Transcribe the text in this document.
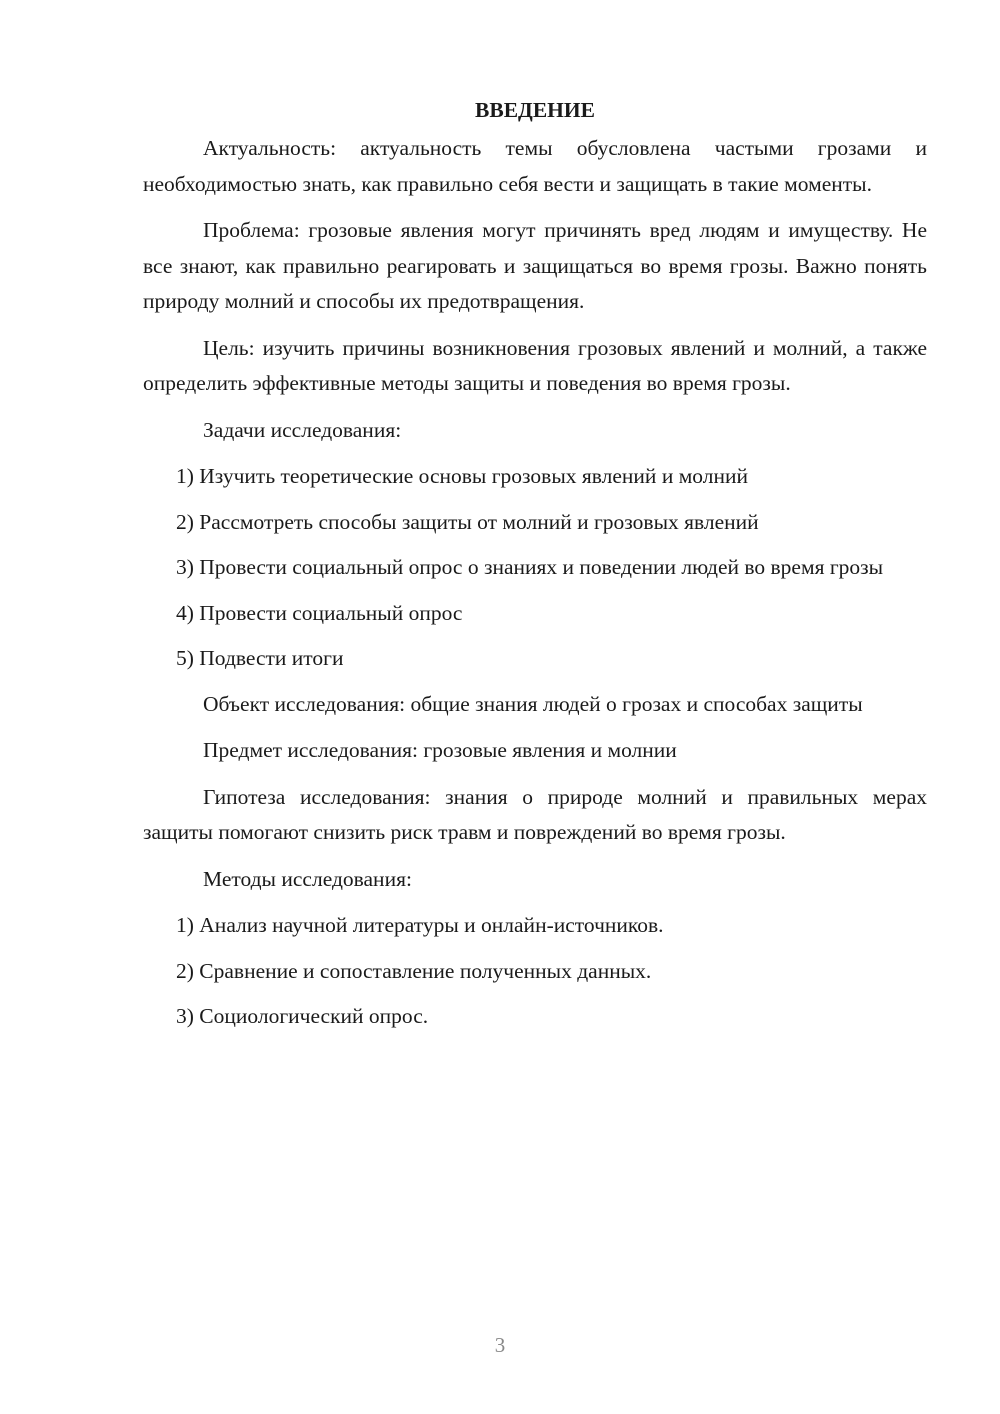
ВВЕДЕНИЕ

Актуальность: актуальность темы обусловлена частыми грозами и необходимостью знать, как правильно себя вести и защищать в такие моменты.

Проблема: грозовые явления могут причинять вред людям и имуществу. Не все знают, как правильно реагировать и защищаться во время грозы. Важно понять природу молний и способы их предотвращения.

Цель: изучить причины возникновения грозовых явлений и молний, а также определить эффективные методы защиты и поведения во время грозы.

Задачи исследования:

1) Изучить теоретические основы грозовых явлений и молний

2) Рассмотреть способы защиты от молний и грозовых явлений

3) Провести социальный опрос о знаниях и поведении людей во время грозы

4) Провести социальный опрос

5) Подвести итоги

Объект исследования: общие знания людей о грозах и способах защиты

Предмет исследования: грозовые явления и молнии

Гипотеза исследования: знания о природе молний и правильных мерах защиты помогают снизить риск травм и повреждений во время грозы.

Методы исследования:

1) Анализ научной литературы и онлайн-источников.

2) Сравнение и сопоставление полученных данных.

3) Социологический опрос.

3
